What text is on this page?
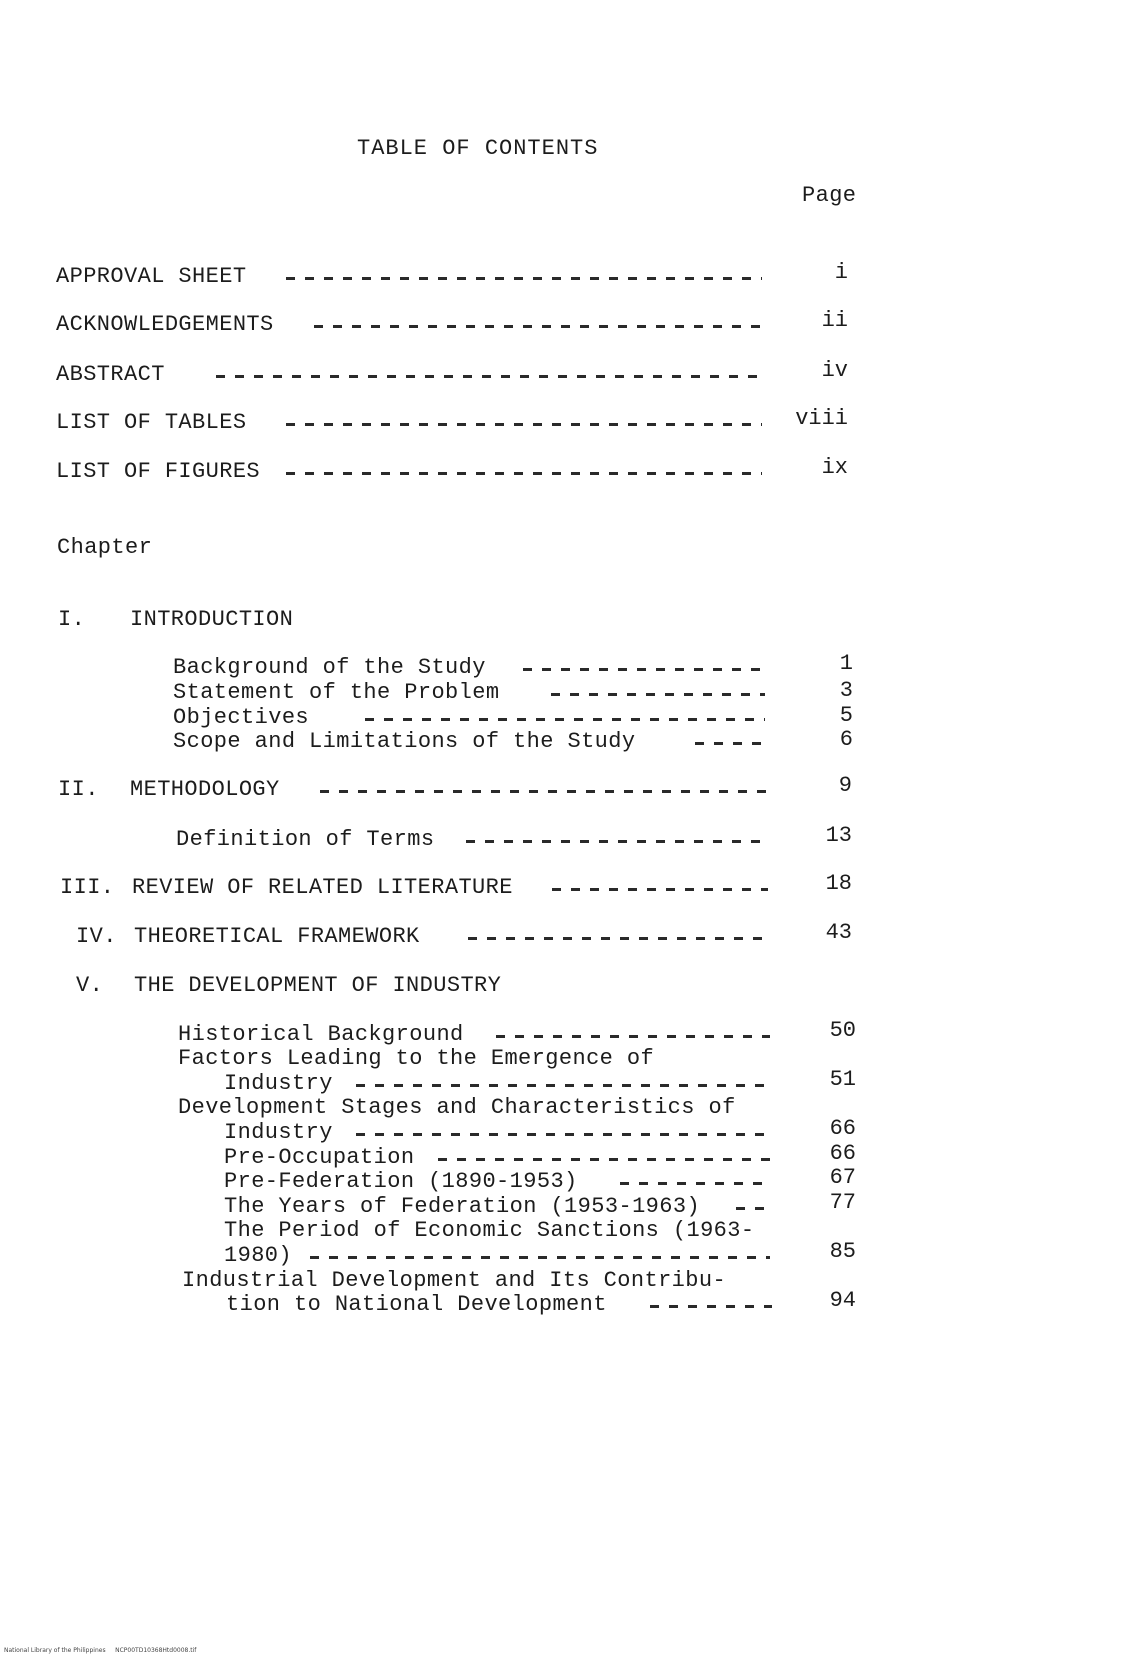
TABLE OF CONTENTS
Page
APPROVAL SHEET	i
ACKNOWLEDGEMENTS	ii
ABSTRACT	iv
LIST OF TABLES	viii
LIST OF FIGURES	ix
Chapter
I. INTRODUCTION
Background of the Study	1
Statement of the Problem	3
Objectives	5
Scope and Limitations of the Study	6
II. METHODOLOGY	9
Definition of Terms	13
III. REVIEW OF RELATED LITERATURE	18
IV. THEORETICAL FRAMEWORK	43
V. THE DEVELOPMENT OF INDUSTRY
Historical Background	50
Factors Leading to the Emergence of
Industry	51
Development Stages and Characteristics of
Industry	66
Pre-Occupation	66
Pre-Federation (1890-1953)	67
The Years of Federation (1953-1963)	77
The Period of Economic Sanctions (1963-
1980)	85
Industrial Development and Its Contribu-
tion to National Development	94
National Library of the Philippines     NCP00TD10368Htd0008.tif
